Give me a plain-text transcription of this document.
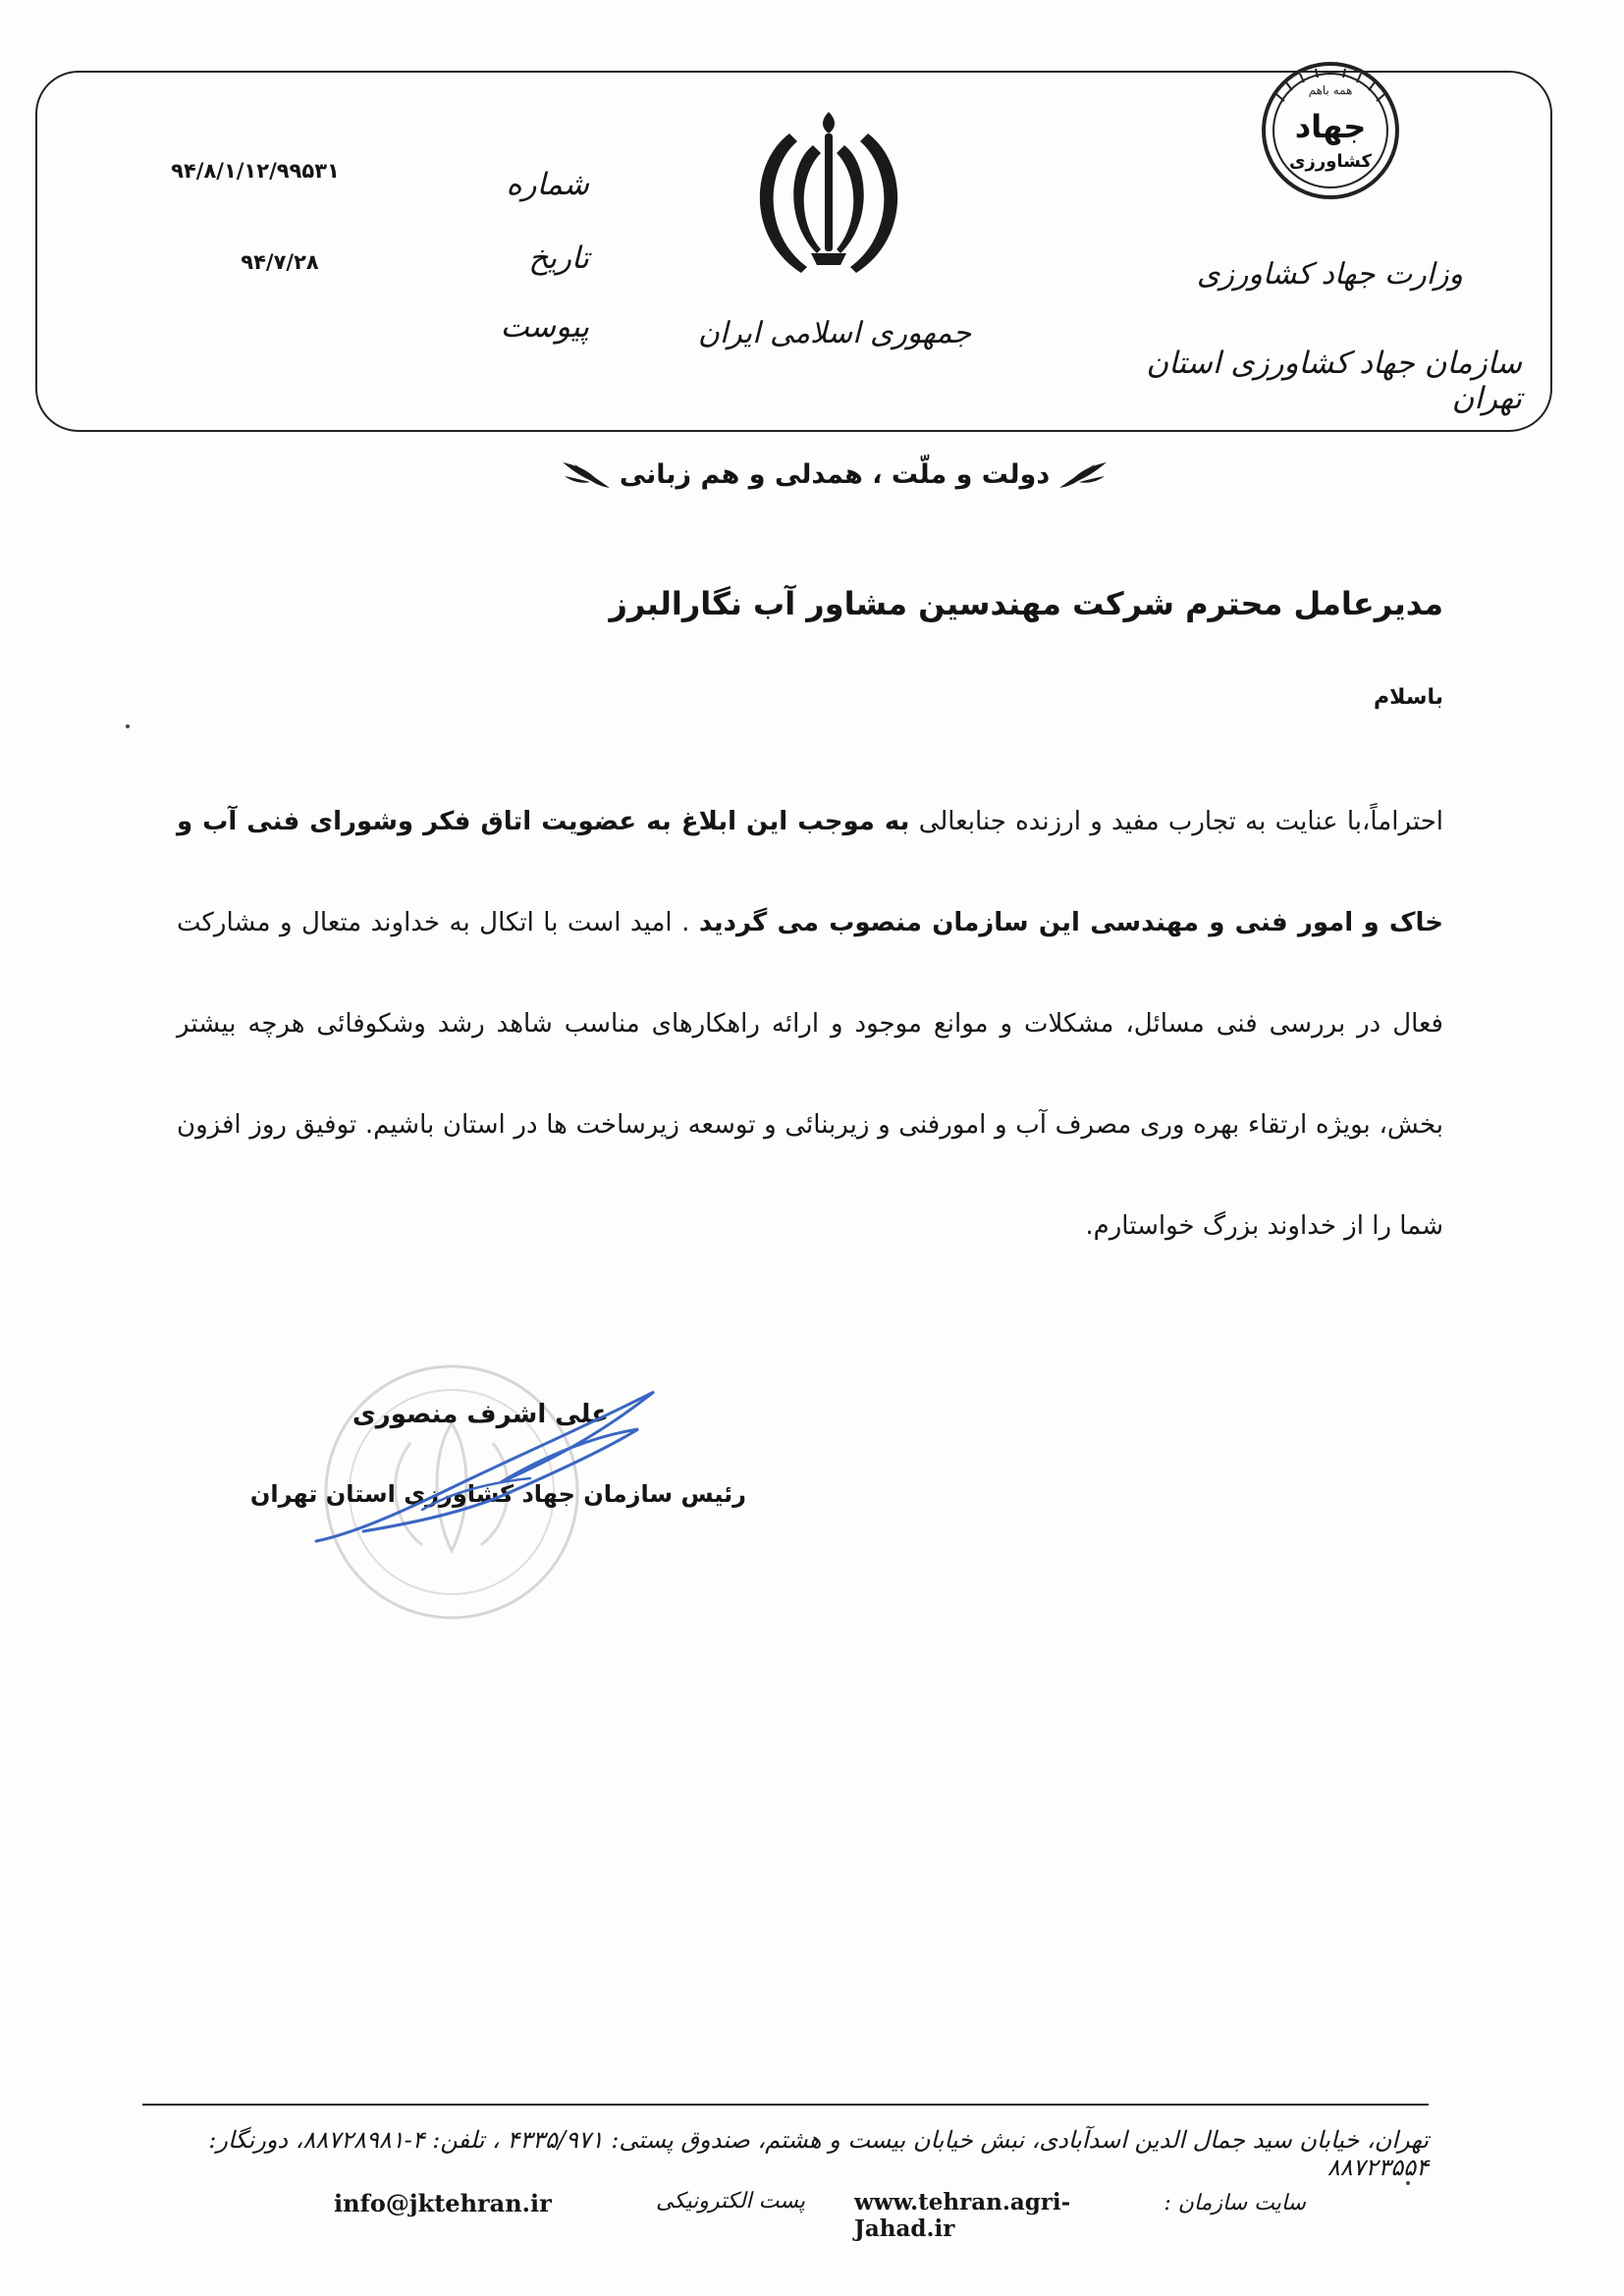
همه باهم
جهاد
کشاورزی
وزارت جهاد کشاورزی
سازمان جهاد کشاورزی استان تهران
جمهوری اسلامی ایران
شماره
تاریخ
پیوست
۹۴/۸/۱/۱۲/۹۹۵۳۱
۹۴/۷/۲۸
دولت و ملّت ، همدلی و هم زبانی
مدیرعامل محترم شرکت مهندسین مشاور آب نگارالبرز
باسلام
احتراماً،با عنایت به تجارب مفید و ارزنده جنابعالی به موجب این ابلاغ به عضویت اتاق فکر وشورای فنی آب و خاک و امور فنی و مهندسی این سازمان منصوب می گردید . امید است با اتکال به خداوند متعال و مشارکت فعال در بررسی فنی مسائل، مشکلات و موانع موجود و ارائه راهکارهای مناسب شاهد رشد وشکوفائی هرچه بیشتر بخش، بویژه ارتقاء بهره وری مصرف آب و امورفنی و زیربنائی و توسعه زیرساخت ها در استان باشیم. توفیق روز افزون شما را از خداوند بزرگ خواستارم.
علی اشرف منصوری
رئیس سازمان جهاد کشاورزی استان تهران
تهران، خیابان سید جمال الدین اسدآبادی، نبش خیابان بیست و هشتم، صندوق پستی: ۴۳۳۵/۹۷۱ ، تلفن: ۴-۸۸۷۲۸۹۸۱، دورنگار: ۸۸۷۲۳۵۵۴
سایت سازمان :
www.tehran.agri-Jahad.ir
پست الکترونیکی
info@jktehran.ir
